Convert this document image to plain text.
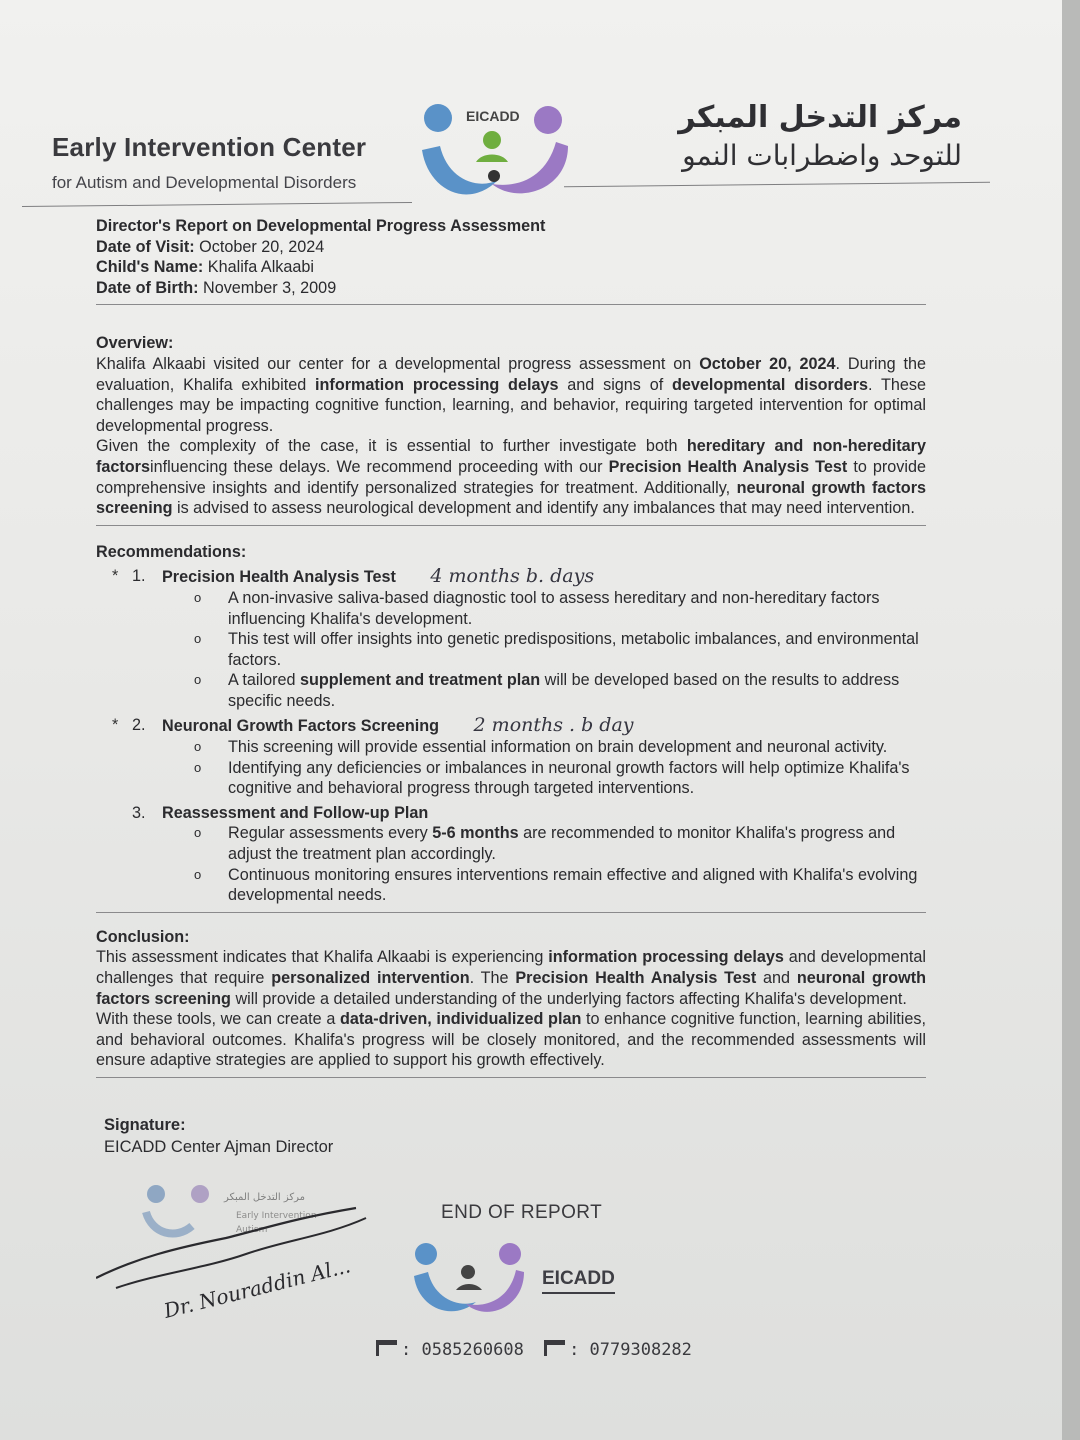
Early Intervention Center
for Autism and Developmental Disorders
EICADD	مركز التدخل المبكر
للتوحد واضطرابات النمو
Director's Report on Developmental Progress Assessment
Date of Visit: October 20, 2024
Child's Name: Khalifa Alkaabi
Date of Birth: November 3, 2009
Overview:
Khalifa Alkaabi visited our center for a developmental progress assessment on October 20, 2024. During the evaluation, Khalifa exhibited information processing delays and signs of developmental disorders. These challenges may be impacting cognitive function, learning, and behavior, requiring targeted intervention for optimal developmental progress.
Given the complexity of the case, it is essential to further investigate both hereditary and non-hereditary factorsinfluencing these delays. We recommend proceeding with our Precision Health Analysis Test to provide comprehensive insights and identify personalized strategies for treatment. Additionally, neuronal growth factors screening is advised to assess neurological development and identify any imbalances that may need intervention.
Recommendations:
* 1. Precision Health Analysis Test 4 months b. days
o A non-invasive saliva-based diagnostic tool to assess hereditary and non-hereditary factors influencing Khalifa's development.
o This test will offer insights into genetic predispositions, metabolic imbalances, and environmental factors.
o A tailored supplement and treatment plan will be developed based on the results to address specific needs.
* 2. Neuronal Growth Factors Screening 2 months . b day
o This screening will provide essential information on brain development and neuronal activity.
o Identifying any deficiencies or imbalances in neuronal growth factors will help optimize Khalifa's cognitive and behavioral progress through targeted interventions.
3. Reassessment and Follow-up Plan
o Regular assessments every 5-6 months are recommended to monitor Khalifa's progress and adjust the treatment plan accordingly.
o Continuous monitoring ensures interventions remain effective and aligned with Khalifa's evolving developmental needs.
Conclusion:
This assessment indicates that Khalifa Alkaabi is experiencing information processing delays and developmental challenges that require personalized intervention. The Precision Health Analysis Test and neuronal growth factors screening will provide a detailed understanding of the underlying factors affecting Khalifa's development.
With these tools, we can create a data-driven, individualized plan to enhance cognitive function, learning abilities, and behavioral outcomes. Khalifa's progress will be closely monitored, and the recommended assessments will ensure adaptive strategies are applied to support his growth effectively.
Signature:
EICADD Center Ajman Director
مركز التدخل المبكر
Early Intervention
Autism
Dr. Nouraddin Al...
END OF REPORT
EICADD
: 0585260608	: 0779308282
